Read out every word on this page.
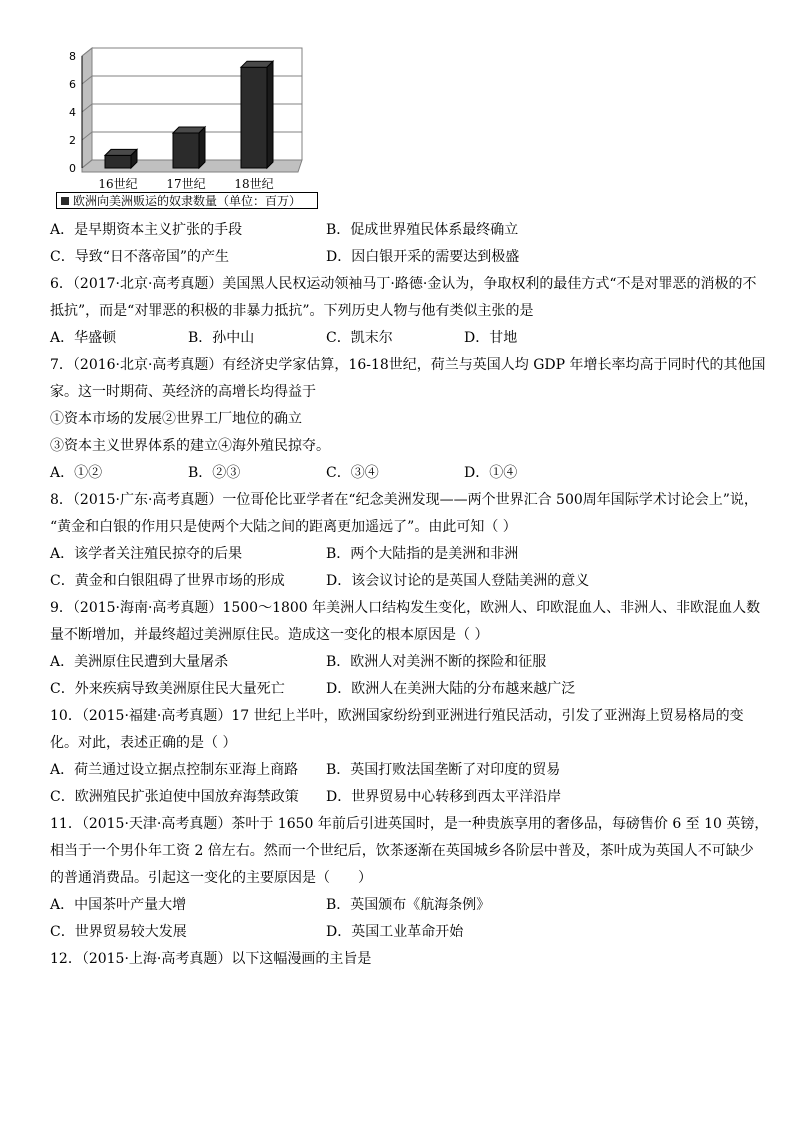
0
2
4
6
8
16世纪 17世纪 18世纪
欧洲向美洲贩运的奴隶数量（单位：百万）
A．是早期资本主义扩张的手段	B．促成世界殖民体系最终确立
C．导致“日不落帝国”的产生	D．因白银开采的需要达到极盛
6．（2017·北京·高考真题）美国黑人民权运动领袖马丁·路德·金认为，争取权利的最佳方式“不是对罪恶的消极的不
抵抗”，而是“对罪恶的积极的非暴力抵抗”。下列历史人物与他有类似主张的是
A．华盛顿	B．孙中山	C．凯末尔	D．甘地
7．（2016·北京·高考真题）有经济史学家估算，16-18世纪，荷兰与英国人均 GDP 年增长率均高于同时代的其他国
家。这一时期荷、英经济的高增长均得益于
①资本市场的发展②世界工厂地位的确立
③资本主义世界体系的建立④海外殖民掠夺。
A．①②	B．②③	C．③④	D．①④
8．（2015·广东·高考真题）一位哥伦比亚学者在“纪念美洲发现——两个世界汇合 500周年国际学术讨论会上”说，
“黄金和白银的作用只是使两个大陆之间的距离更加遥远了”。由此可知（ ）
A．该学者关注殖民掠夺的后果	B．两个大陆指的是美洲和非洲
C．黄金和白银阻碍了世界市场的形成	D．该会议讨论的是英国人登陆美洲的意义
9．（2015·海南·高考真题）1500～1800 年美洲人口结构发生变化，欧洲人、印欧混血人、非洲人、非欧混血人数
量不断增加，并最终超过美洲原住民。造成这一变化的根本原因是（ ）
A．美洲原住民遭到大量屠杀	B．欧洲人对美洲不断的探险和征服
C．外来疾病导致美洲原住民大量死亡	D．欧洲人在美洲大陆的分布越来越广泛
10．（2015·福建·高考真题）17 世纪上半叶，欧洲国家纷纷到亚洲进行殖民活动，引发了亚洲海上贸易格局的变
化。对此，表述正确的是（ ）
A．荷兰通过设立据点控制东亚海上商路	B．英国打败法国垄断了对印度的贸易
C．欧洲殖民扩张迫使中国放弃海禁政策	D．世界贸易中心转移到西太平洋沿岸
11．（2015·天津·高考真题）茶叶于 1650 年前后引进英国时，是一种贵族享用的奢侈品，每磅售价 6 至 10 英镑，
相当于一个男仆年工资 2 倍左右。然而一个世纪后，饮茶逐渐在英国城乡各阶层中普及，茶叶成为英国人不可缺少
的普通消费品。引起这一变化的主要原因是（　　）
A．中国茶叶产量大增	B．英国颁布《航海条例》
C．世界贸易较大发展	D．英国工业革命开始
12．（2015·上海·高考真题）以下这幅漫画的主旨是
